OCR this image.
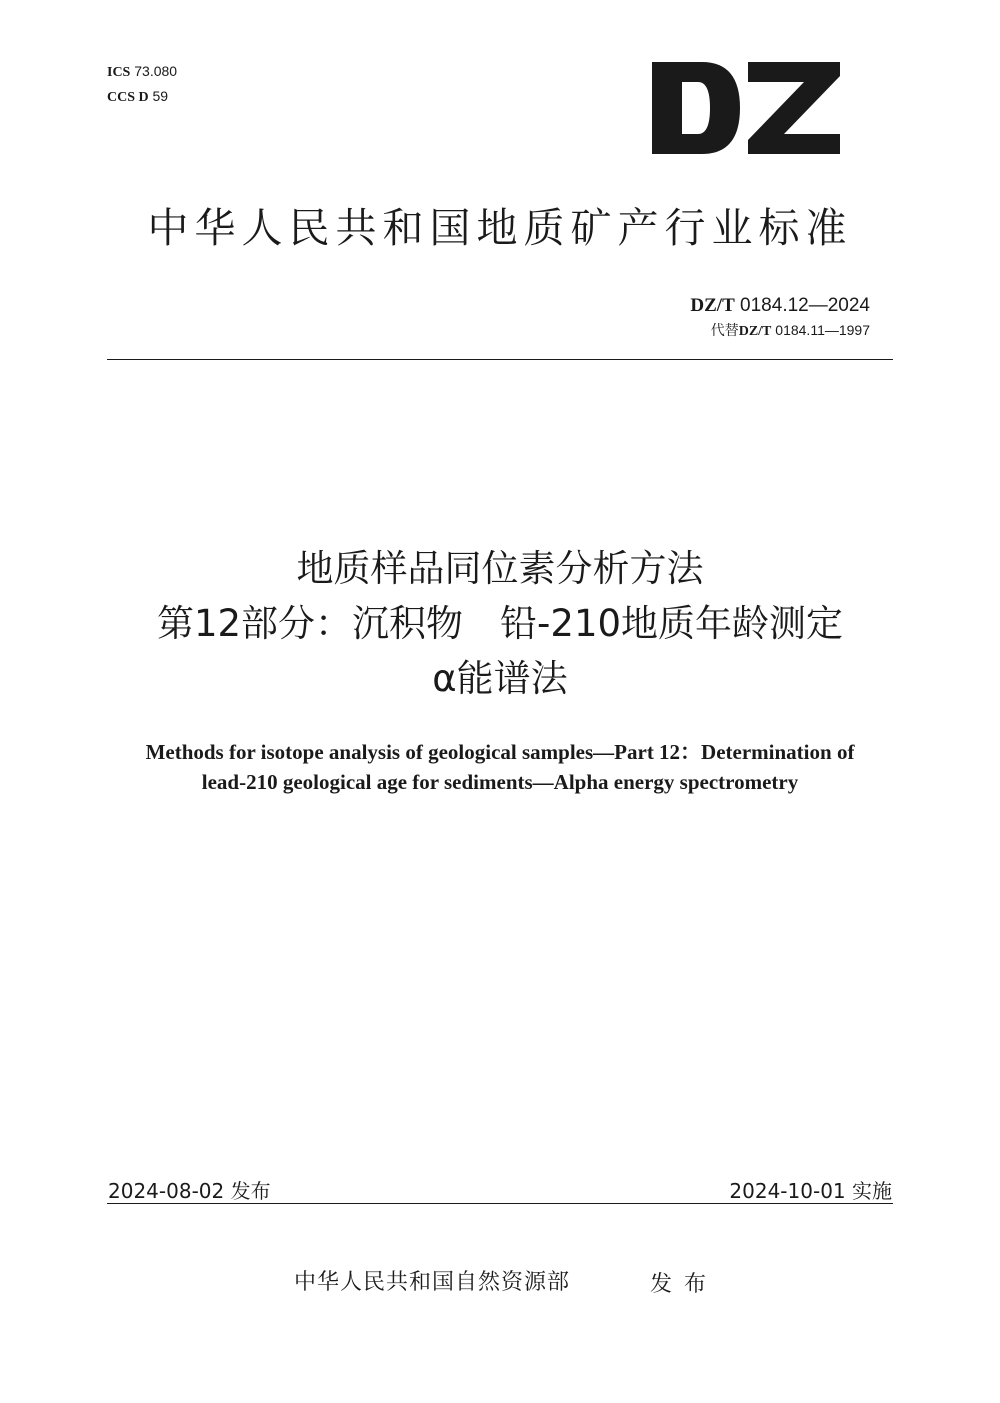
ICS 73.080
CCS D 59
中华人民共和国地质矿产行业标准
DZ/T 0184.12—2024
代替DZ/T 0184.11—1997
地质样品同位素分析方法
第12部分：沉积物　铅-210地质年龄测定
α能谱法
Methods for isotope analysis of geological samples—Part 12：Determination of
lead-210 geological age for sediments—Alpha energy spectrometry
2024-08-02 发布	2024-10-01 实施
中华人民共和国自然资源部	发布
